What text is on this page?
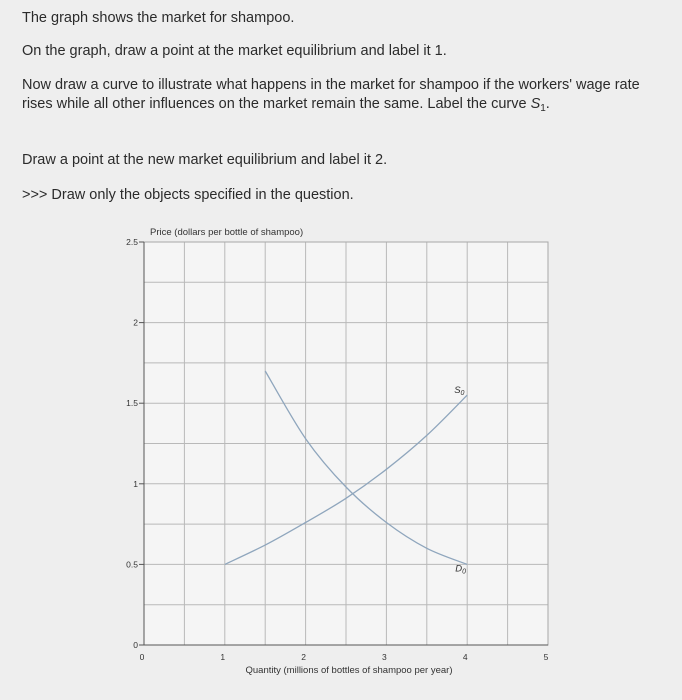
The graph shows the market for shampoo.

On the graph, draw a point at the market equilibrium and label it 1.

Now draw a curve to illustrate what happens in the market for shampoo if the workers' wage rate rises while all other influences on the market remain the same. Label the curve $S_1$.

Draw a point at the new market equilibrium and label it 2.

>>> Draw only the objects specified in the question.

0
0.5
1
1.5
2
2.5
0	1	2	3	4	5
Price (dollars per bottle of shampoo)
Quantity (millions of bottles of shampoo per year)
$S_0$
$D_0$
